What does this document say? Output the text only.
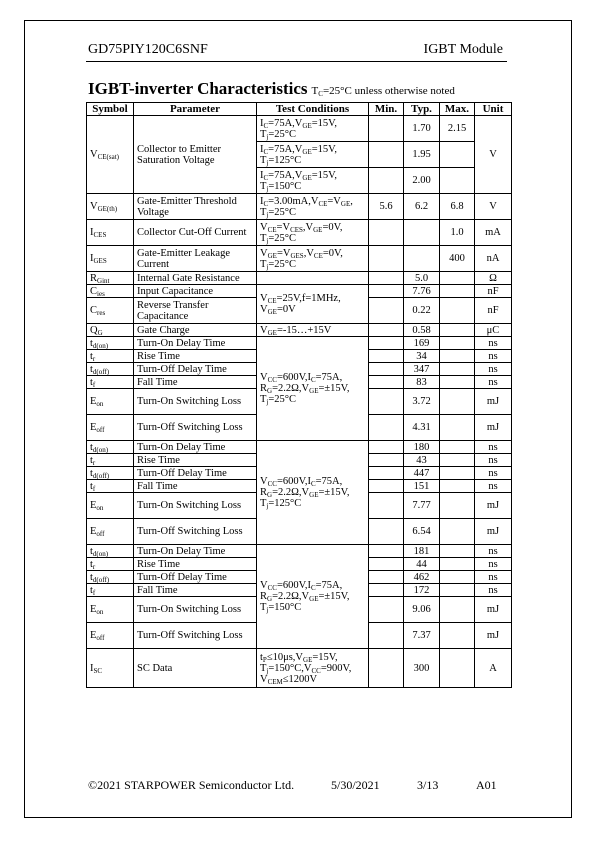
GD75PIY120C6SNF	IGBT Module
IGBT-inverter Characteristics $T_C=25^\circ C$ unless otherwise noted
Symbol	Parameter	Test Conditions	Min.	Typ.	Max.	Unit
$V_{CE(sat)}$	Collector to Emitter Saturation Voltage	$I_C=75A,V_{GE}=15V$,
$T_j=25^\circ C$		1.70	2.15	V
		$I_C=75A,V_{GE}=15V$,
$T_j=125^\circ C$		1.95		
		$I_C=75A,V_{GE}=15V$,
$T_j=150^\circ C$		2.00		
$V_{GE(th)}$	Gate-Emitter Threshold Voltage	$I_C=3.00mA,V_{CE}=V_{GE}$,
$T_j=25^\circ C$	5.6	6.2	6.8	V
$I_{CES}$	Collector Cut-Off Current	$V_{CE}=V_{CES},V_{GE}=0V$,
$T_j=25^\circ C$			1.0	mA
$I_{GES}$	Gate-Emitter Leakage Current	$V_{GE}=V_{GES},V_{CE}=0V$,
$T_j=25^\circ C$			400	nA
$R_{Gint}$	Internal Gate Resistance			5.0		Ω
$C_{ies}$	Input Capacitance	$V_{CE}=25V,f=1MHz$,
$V_{GE}=0V$		7.76		nF
$C_{res}$	Reverse Transfer Capacitance			0.22		nF
$Q_G$	Gate Charge	$V_{GE}=-15\dots+15V$		0.58		μC
$t_{d(on)}$	Turn-On Delay Time	$V_{CC}=600V,I_C=75A$,
$R_G=2.2\Omega,V_{GE}=\pm 15V$,
$T_j=25^\circ C$		169		ns
$t_r$	Rise Time			34		ns
$t_{d(off)}$	Turn-Off Delay Time			347		ns
$t_f$	Fall Time			83		ns
$E_{on}$	Turn-On Switching Loss			3.72		mJ
$E_{off}$	Turn-Off Switching Loss			4.31		mJ
$t_{d(on)}$	Turn-On Delay Time	$V_{CC}=600V,I_C=75A$,
$R_G=2.2\Omega,V_{GE}=\pm 15V$,
$T_j=125^\circ C$		180		ns
$t_r$	Rise Time			43		ns
$t_{d(off)}$	Turn-Off Delay Time			447		ns
$t_f$	Fall Time			151		ns
$E_{on}$	Turn-On Switching Loss			7.77		mJ
$E_{off}$	Turn-Off Switching Loss			6.54		mJ
$t_{d(on)}$	Turn-On Delay Time	$V_{CC}=600V,I_C=75A$,
$R_G=2.2\Omega,V_{GE}=\pm 15V$,
$T_j=150^\circ C$		181		ns
$t_r$	Rise Time			44		ns
$t_{d(off)}$	Turn-Off Delay Time			462		ns
$t_f$	Fall Time			172		ns
$E_{on}$	Turn-On Switching Loss			9.06		mJ
$E_{off}$	Turn-Off Switching Loss			7.37		mJ
$I_{SC}$	SC Data	$t_P\le 10\mu s,V_{GE}=15V$,
$T_j=150^\circ C,V_{CC}=900V$,
$V_{CEM}\le 1200V$		300		A
©2021 STARPOWER Semiconductor Ltd.	5/30/2021	3/13	A01
